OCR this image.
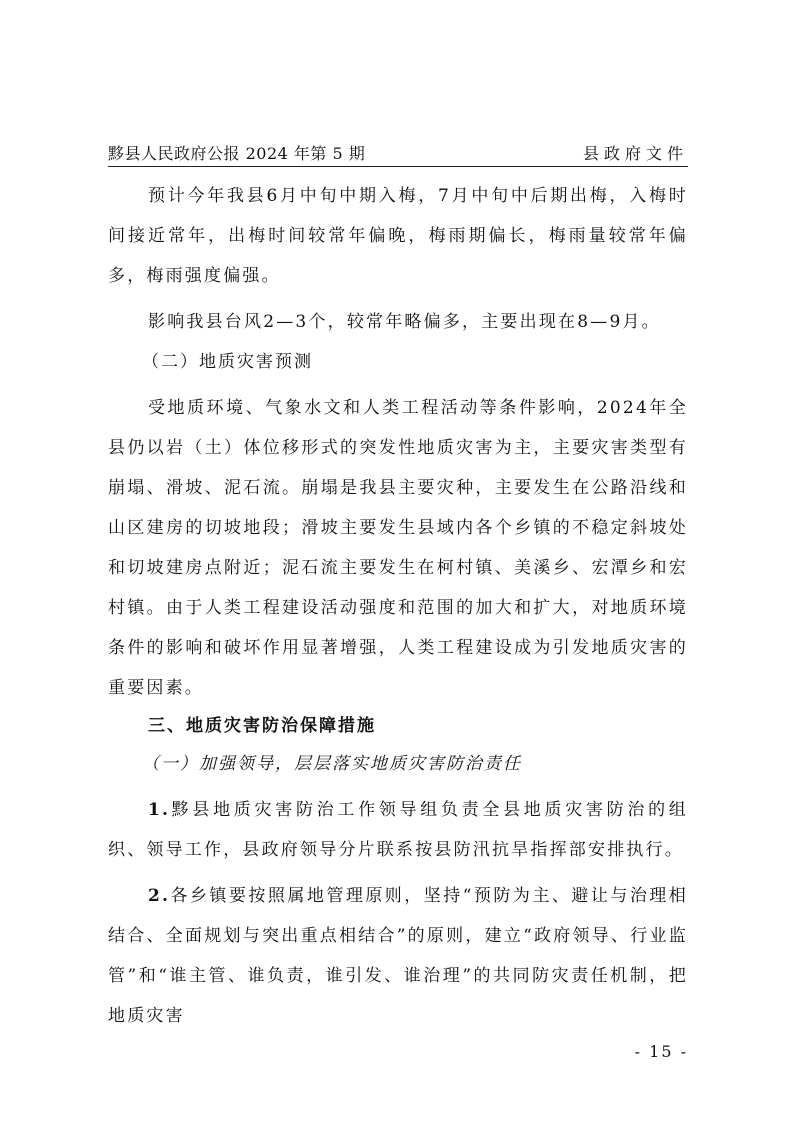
黟县人民政府公报 2024 年第 5 期	县政府文件

预计今年我县6月中旬中期入梅，7月中旬中后期出梅，入梅时间接近常年，出梅时间较常年偏晚，梅雨期偏长，梅雨量较常年偏多，梅雨强度偏强。

影响我县台风2—3个，较常年略偏多，主要出现在8—9月。

（二）地质灾害预测

受地质环境、气象水文和人类工程活动等条件影响，2024年全县仍以岩（土）体位移形式的突发性地质灾害为主，主要灾害类型有崩塌、滑坡、泥石流。崩塌是我县主要灾种，主要发生在公路沿线和山区建房的切坡地段；滑坡主要发生县域内各个乡镇的不稳定斜坡处和切坡建房点附近；泥石流主要发生在柯村镇、美溪乡、宏潭乡和宏村镇。由于人类工程建设活动强度和范围的加大和扩大，对地质环境条件的影响和破坏作用显著增强，人类工程建设成为引发地质灾害的重要因素。

三、地质灾害防治保障措施

（一）加强领导，层层落实地质灾害防治责任

1.黟县地质灾害防治工作领导组负责全县地质灾害防治的组织、领导工作，县政府领导分片联系按县防汛抗旱指挥部安排执行。

2.各乡镇要按照属地管理原则，坚持“预防为主、避让与治理相结合、全面规划与突出重点相结合”的原则，建立“政府领导、行业监管”和“谁主管、谁负责，谁引发、谁治理”的共同防灾责任机制，把地质灾害

- 15 -
